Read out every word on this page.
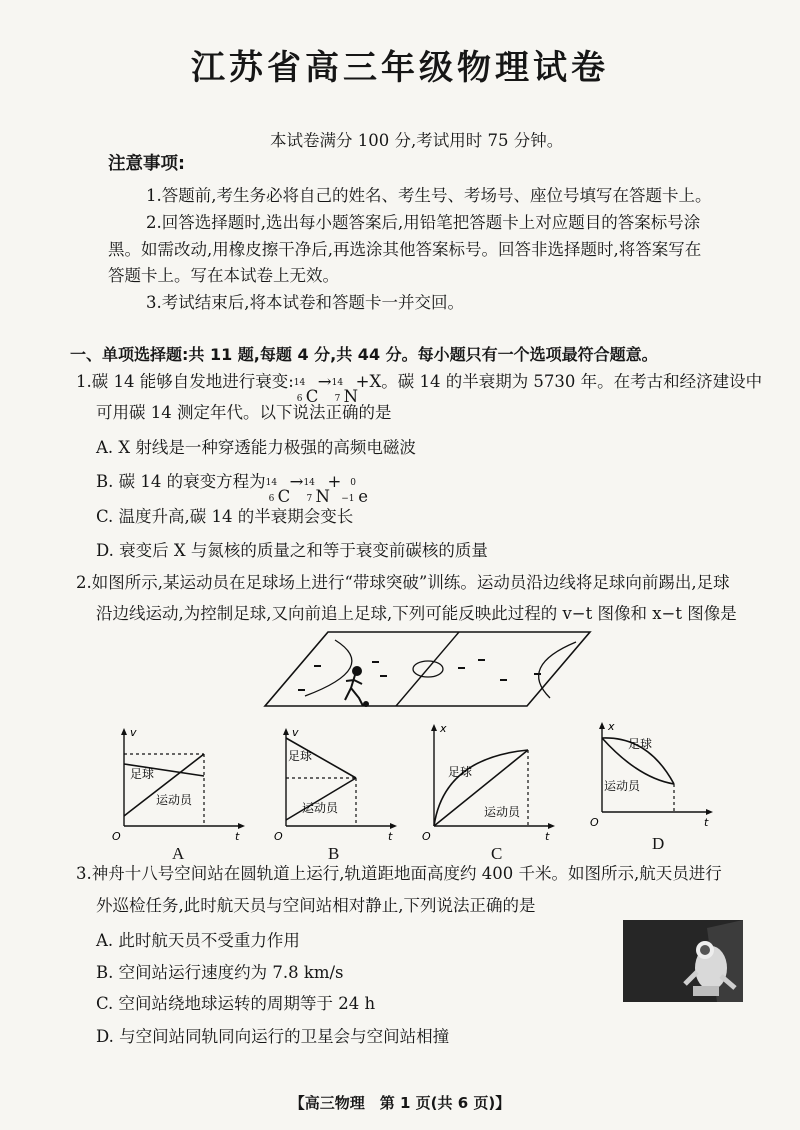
江苏省高三年级物理试卷
本试卷满分 100 分,考试用时 75 分钟。
注意事项:
1.答题前,考生务必将自己的姓名、考生号、考场号、座位号填写在答题卡上。
2.回答选择题时,选出每小题答案后,用铅笔把答题卡上对应题目的答案标号涂
黑。如需改动,用橡皮擦干净后,再选涂其他答案标号。回答非选择题时,将答案写在
答题卡上。写在本试卷上无效。
3.考试结束后,将本试卷和答题卡一并交回。
一、单项选择题:共 11 题,每题 4 分,共 44 分。每小题只有一个选项最符合题意。
1.碳 14 能够自发地进行衰变: 14
6 C
→ 14
7 N
+X。碳 14 的半衰期为 5730 年。在考古和经济建设中
可用碳 14 测定年代。以下说法正确的是
A. X 射线是一种穿透能力极强的高频电磁波
B. 碳 14 的衰变方程为 14
6 C
→ 14
7 N
+ 0
−1 e
C. 温度升高,碳 14 的半衰期会变长
D. 衰变后 X 与氮核的质量之和等于衰变前碳核的质量
2.如图所示,某运动员在足球场上进行“带球突破”训练。运动员沿边线将足球向前踢出,足球
沿边线运动,为控制足球,又向前追上足球,下列可能反映此过程的 v−t 图像和 x−t 图像是
v
t
O
足球
运动员
A
v
t
O
足球
运动员
B
x
t
O
足球
运动员
C
x
t
O
足球
运动员
D
3.神舟十八号空间站在圆轨道上运行,轨道距地面高度约 400 千米。如图所示,航天员进行
外巡检任务,此时航天员与空间站相对静止,下列说法正确的是
A. 此时航天员不受重力作用
B. 空间站运行速度约为 7.8 km/s
C. 空间站绕地球运转的周期等于 24 h
D. 与空间站同轨同向运行的卫星会与空间站相撞
【高三物理　第 1 页(共 6 页)】
